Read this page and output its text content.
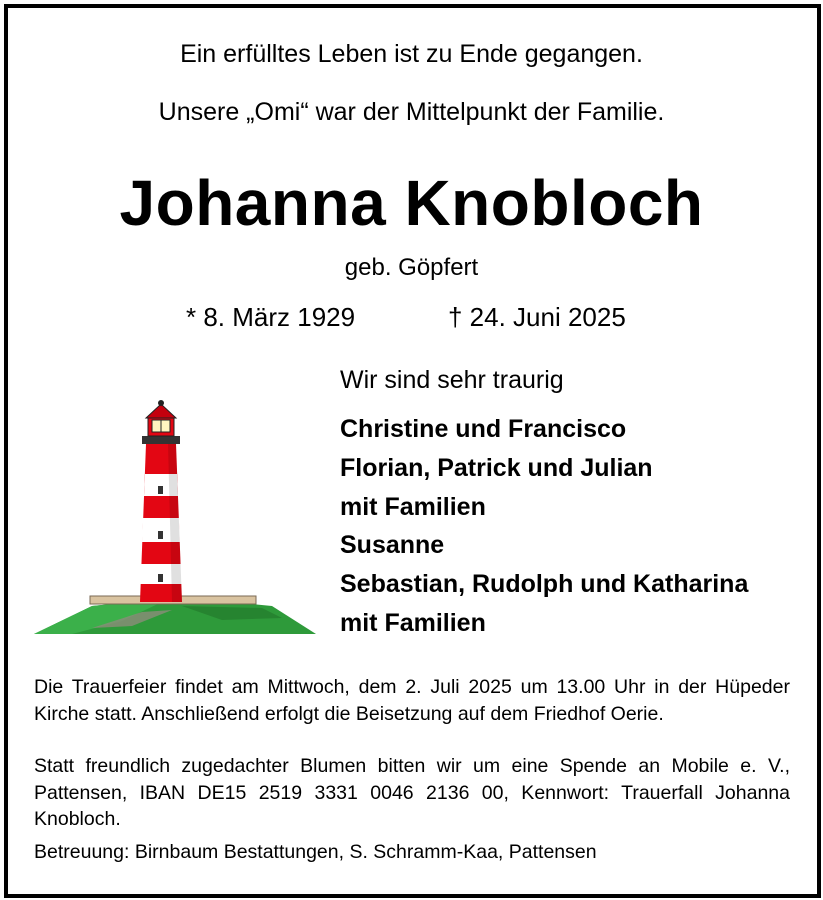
Ein erfülltes Leben ist zu Ende gegangen.
Unsere „Omi“ war der Mittelpunkt der Familie.
Johanna Knobloch
geb. Göpfert
* 8. März 1929	† 24. Juni 2025
Wir sind sehr traurig
Christine und Francisco
Florian, Patrick und Julian
mit Familien
Susanne
Sebastian, Rudolph und Katharina
mit Familien
Die Trauerfeier findet am Mittwoch, dem 2. Juli 2025 um 13.00 Uhr in der Hüpeder Kirche statt. Anschließend erfolgt die Beisetzung auf dem Friedhof Oerie.
Statt freundlich zugedachter Blumen bitten wir um eine Spende an Mobile e. V., Pattensen, IBAN DE15 2519 3331 0046 2136 00, Kennwort: Trauerfall Johanna Knobloch.
Betreuung: Birnbaum Bestattungen, S. Schramm-Kaa, Pattensen
